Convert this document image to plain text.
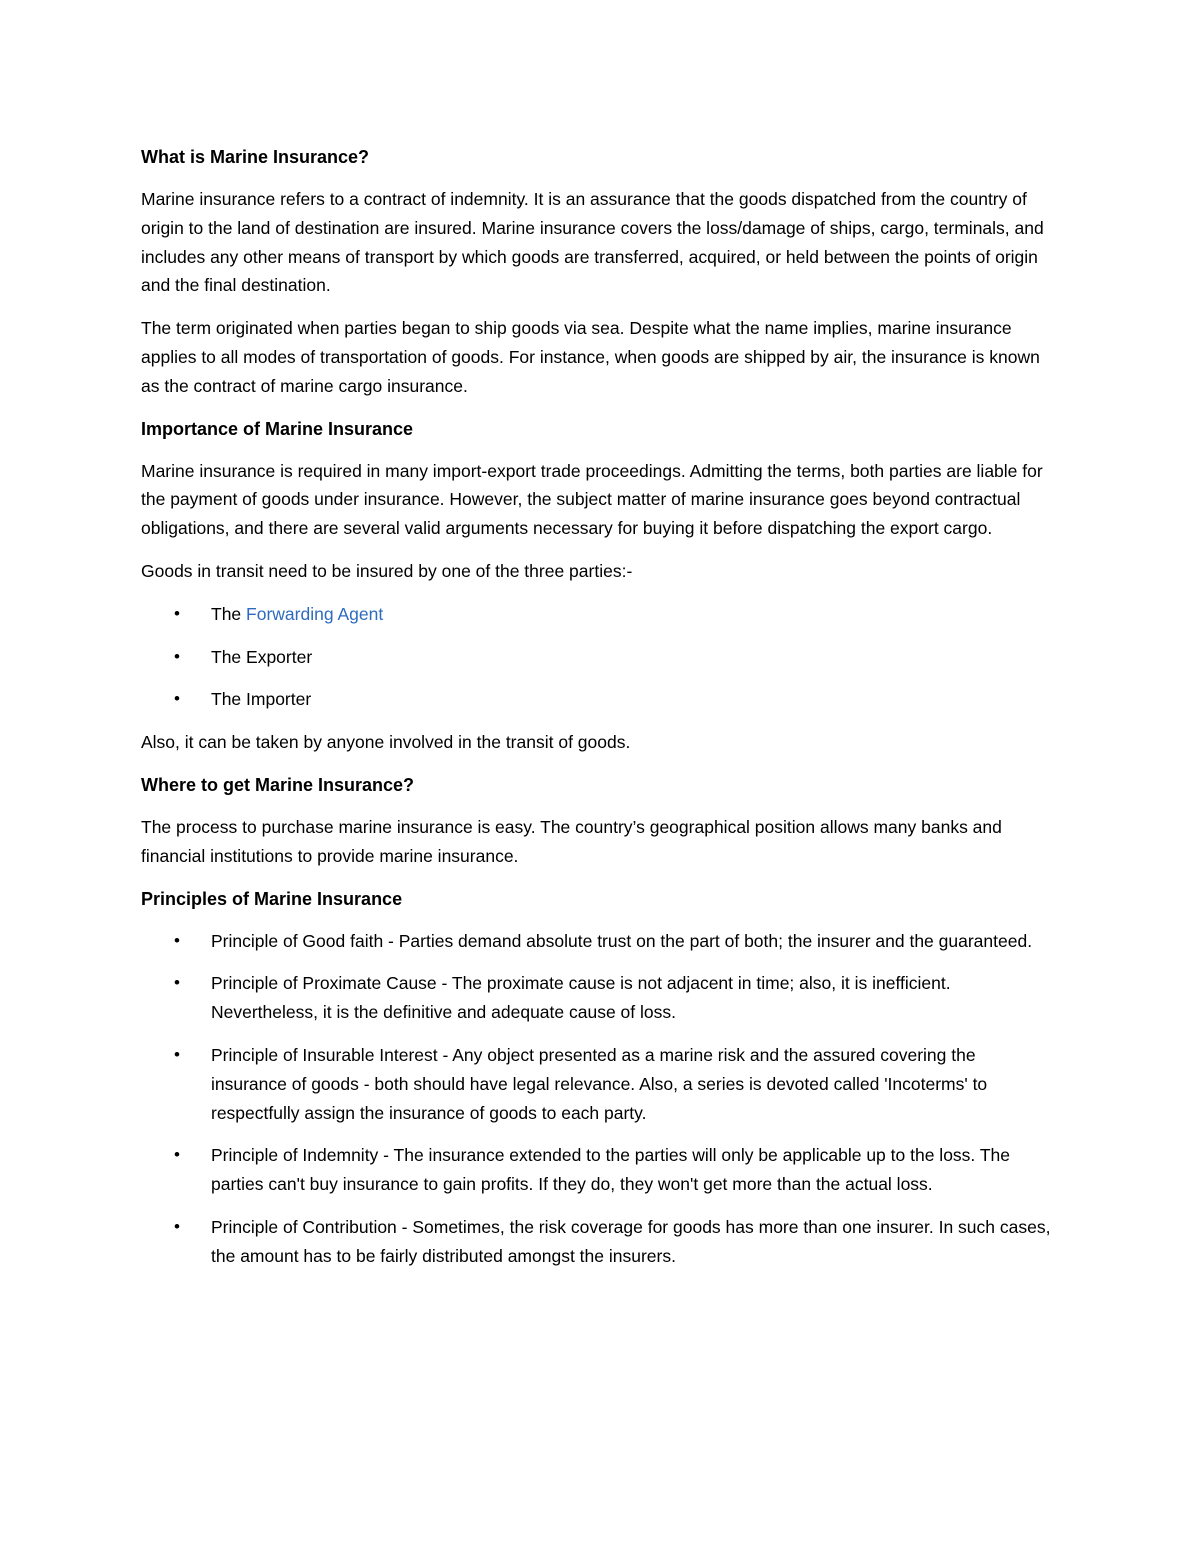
What is Marine Insurance?

Marine insurance refers to a contract of indemnity. It is an assurance that the goods dispatched from the country of origin to the land of destination are insured. Marine insurance covers the loss/damage of ships, cargo, terminals, and includes any other means of transport by which goods are transferred, acquired, or held between the points of origin and the final destination.

The term originated when parties began to ship goods via sea. Despite what the name implies, marine insurance applies to all modes of transportation of goods. For instance, when goods are shipped by air, the insurance is known as the contract of marine cargo insurance.

Importance of Marine Insurance

Marine insurance is required in many import-export trade proceedings. Admitting the terms, both parties are liable for the payment of goods under insurance. However, the subject matter of marine insurance goes beyond contractual obligations, and there are several valid arguments necessary for buying it before dispatching the export cargo.

Goods in transit need to be insured by one of the three parties:-

• The Forwarding Agent
• The Exporter
• The Importer

Also, it can be taken by anyone involved in the transit of goods.

Where to get Marine Insurance?

The process to purchase marine insurance is easy. The country’s geographical position allows many banks and financial institutions to provide marine insurance.

Principles of Marine Insurance
• Principle of Good faith - Parties demand absolute trust on the part of both; the insurer and the guaranteed.
• Principle of Proximate Cause - The proximate cause is not adjacent in time; also, it is inefficient. Nevertheless, it is the definitive and adequate cause of loss.
• Principle of Insurable Interest - Any object presented as a marine risk and the assured covering the insurance of goods - both should have legal relevance. Also, a series is devoted called 'Incoterms' to respectfully assign the insurance of goods to each party.
• Principle of Indemnity - The insurance extended to the parties will only be applicable up to the loss. The parties can't buy insurance to gain profits. If they do, they won't get more than the actual loss.
• Principle of Contribution - Sometimes, the risk coverage for goods has more than one insurer. In such cases, the amount has to be fairly distributed amongst the insurers.
